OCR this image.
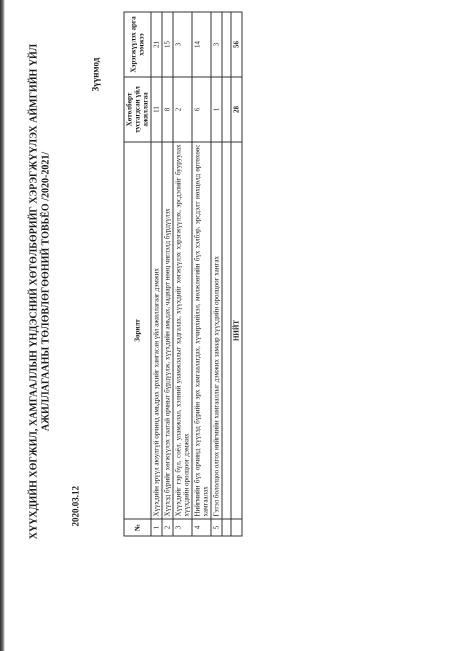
ХҮҮХДИЙН ХӨГЖИЛ, ХАМГААЛЛЫН ҮНДЭСНИЙ ХӨТӨЛБӨРИЙГ ХЭРЭГЖҮҮЛЭХ АЙМГИЙН ҮЙЛ АЖИЛЛАГААНЫ ТӨЛӨВЛӨГӨӨНИЙ ТОВЬЁО /2020-2021/
2020.03.12
Зүүнмод
№	Зорилт	Хөтөлбөрт тусгагдсан үйл ажиллагаа	Хэрэгжүүлэх арга хэмжээ
1	Хүүхдийн эрүүл аюулгүй орчинд амьдрах эрхийг хангасан үйл ажиллагааг дэмжих	11	21
2	Хүүхэд бүрийг хөгжүүлэх таатай орчныг бүрдүүлж, хүүхдийн амьдах, чадварт нөөц чиглэлд бүрдүүлэх	8	15
3	Хүүхдийг гэр бүл, соёл, уламжлал, хэлний уламжлалыг хадгалах, хүүхдийг хөгжүүлэх хэрэгжүүлэх, эрсдэлийг бууруулах хүүхдийн оролцоог дэмжих	2	3
4	Нийгмийн бүх орчинд хүүхэд бүрийн эрх хамгаалагдах, хүчирхийлэл, мөлжлөгийн бүх хэлбэр, эрсдэлт нөхцөлд өртөхөөс хамгаалах	6	14
5	Гэтэл бололцоо олгох нийгмийн хамгааллыг дэмжих замаар хүүхдийн оролцоог хангах	1	3

	НИЙТ	28	56
